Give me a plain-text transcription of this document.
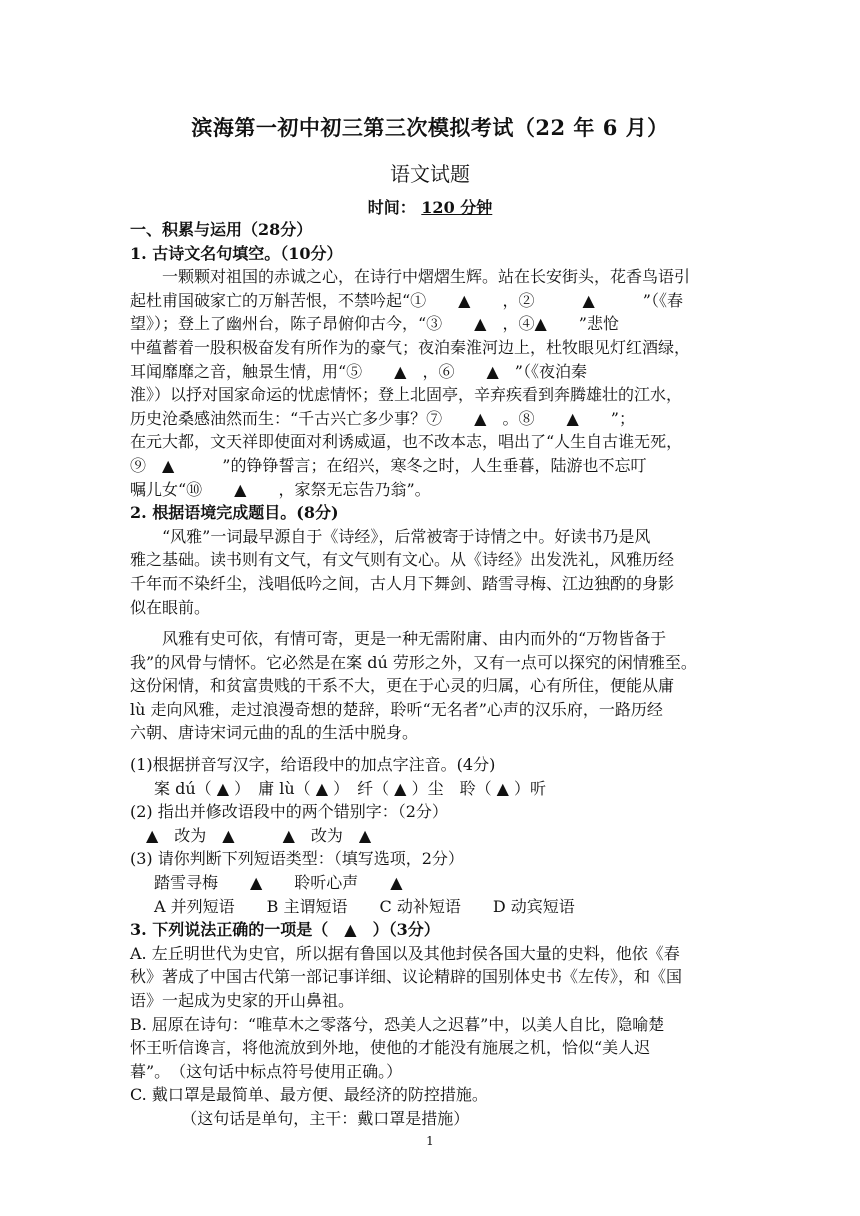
滨海第一初中初三第三次模拟考试（22 年 6 月）
语文试题
时间： 120 分钟
一、积累与运用（28分）
1. 古诗文名句填空。（10分）
一颗颗对祖国的赤诚之心，在诗行中熠熠生辉。站在长安街头，花香鸟语引
起杜甫国破家亡的万斛苦恨，不禁吟起“①　　▲　　，②　　　▲　　　”（《春
望》）；登上了幽州台，陈子昂俯仰古今，“③　　▲　，④▲　　”悲怆
中蕴蓄着一股积极奋发有所作为的豪气；夜泊秦淮河边上，杜牧眼见灯红酒绿，
耳闻靡靡之音，触景生情，用“⑤　　▲　，⑥　　▲　”（《夜泊秦
淮》）以抒对国家命运的忧虑情怀；登上北固亭，辛弃疾看到奔腾雄壮的江水，
历史沧桑感油然而生：“千古兴亡多少事？⑦　　▲　。⑧　　▲　　”；
在元大都，文天祥即使面对利诱威逼，也不改本志，唱出了“人生自古谁无死，
⑨　▲　　　”的铮铮誓言；在绍兴，寒冬之时，人生垂暮，陆游也不忘叮
嘱儿女“⑩　　▲　　，家祭无忘告乃翁”。
2. 根据语境完成题目。(8分)
“风雅”一词最早源自于《诗经》，后常被寄于诗情之中。好读书乃是风
雅之基础。读书则有文气，有文气则有文心。从《诗经》出发洗礼，风雅历经
千年而不染纤尘，浅唱低吟之间，古人月下舞剑、踏雪寻梅、江边独酌的身影
似在眼前。
风雅有史可依，有情可寄，更是一种无需附庸、由内而外的“万物皆备于
我”的风骨与情怀。它必然是在案 dú 劳形之外，又有一点可以探究的闲情雅至。
这份闲情，和贫富贵贱的干系不大，更在于心灵的归属，心有所住，便能从庸
lù 走向风雅，走过浪漫奇想的楚辞，聆听“无名者”心声的汉乐府，一路历经
六朝、唐诗宋词元曲的乱的生活中脱身。
(1)根据拼音写汉字，给语段中的加点字注音。(4分)
案 dú（ ▲ ）　庸 lù（ ▲ ）　纤（ ▲ ）尘　聆（ ▲ ）听
(2) 指出并修改语段中的两个错别字：（2分）
　▲　改为　▲　　　▲　改为　▲
(3) 请你判断下列短语类型：（填写选项，2分）
踏雪寻梅　　▲　　聆听心声　　▲
A 并列短语　　B 主谓短语　　C 动补短语　　D 动宾短语
3. 下列说法正确的一项是（　▲　）（3分）
A. 左丘明世代为史官，所以据有鲁国以及其他封侯各国大量的史料，他依《春
秋》著成了中国古代第一部记事详细、议论精辟的国别体史书《左传》，和《国
语》一起成为史家的开山鼻祖。
B. 屈原在诗句：“唯草木之零落兮，恐美人之迟暮”中，以美人自比，隐喻楚
怀王听信谗言，将他流放到外地，使他的才能没有施展之机，恰似“美人迟
暮”。　（这句话中标点符号使用正确。）
C. 戴口罩是最简单、最方便、最经济的防控措施。
（这句话是单句，主干：戴口罩是措施）
1
